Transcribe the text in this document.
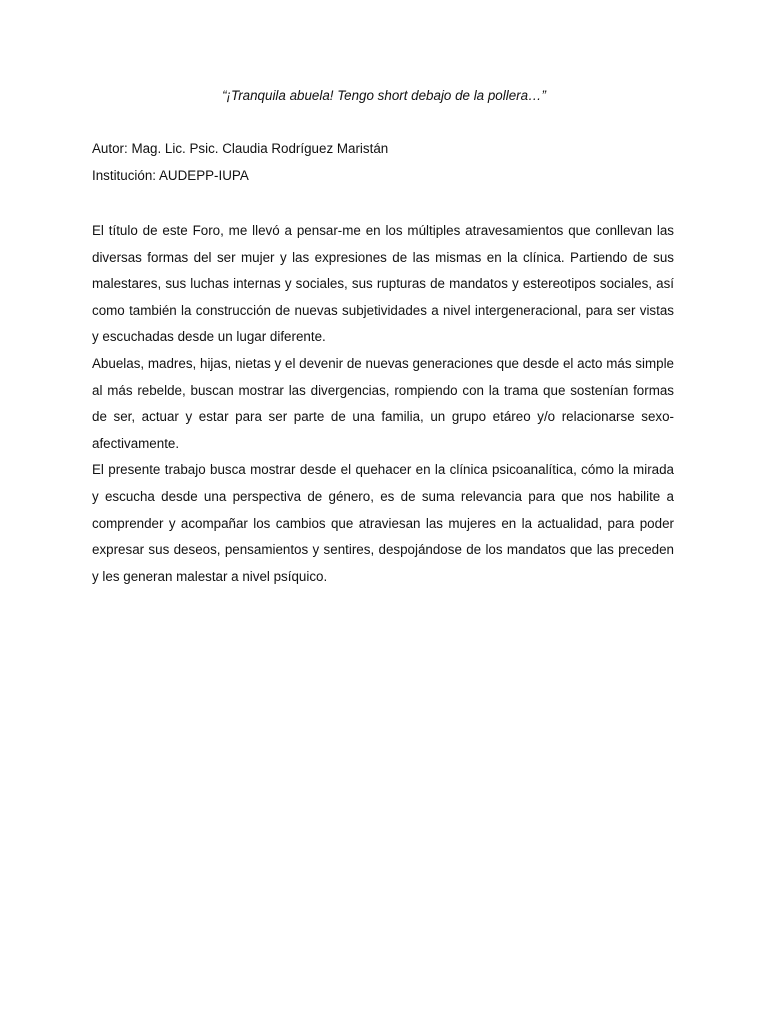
“¡Tranquila abuela! Tengo short debajo de la pollera…”

Autor: Mag. Lic. Psic. Claudia Rodríguez Maristán

Institución: AUDEPP-IUPA

El título de este Foro, me llevó a pensar-me en los múltiples atravesamientos que conllevan las diversas formas del ser mujer y las expresiones de las mismas en la clínica. Partiendo de sus malestares, sus luchas internas y sociales, sus rupturas de mandatos y estereotipos sociales, así como también la construcción de nuevas subjetividades a nivel intergeneracional, para ser vistas y escuchadas desde un lugar diferente.

Abuelas, madres, hijas, nietas y el devenir de nuevas generaciones que desde el acto más simple al más rebelde, buscan mostrar las divergencias, rompiendo con la trama que sostenían formas de ser, actuar y estar para ser parte de una familia, un grupo etáreo y/o relacionarse sexo-afectivamente.

El presente trabajo busca mostrar desde el quehacer en la clínica psicoanalítica, cómo la mirada y escucha desde una perspectiva de género, es de suma relevancia para que nos habilite a comprender y acompañar los cambios que atraviesan las mujeres en la actualidad, para poder expresar sus deseos, pensamientos y sentires, despojándose de los mandatos que las preceden y les generan malestar a nivel psíquico.
